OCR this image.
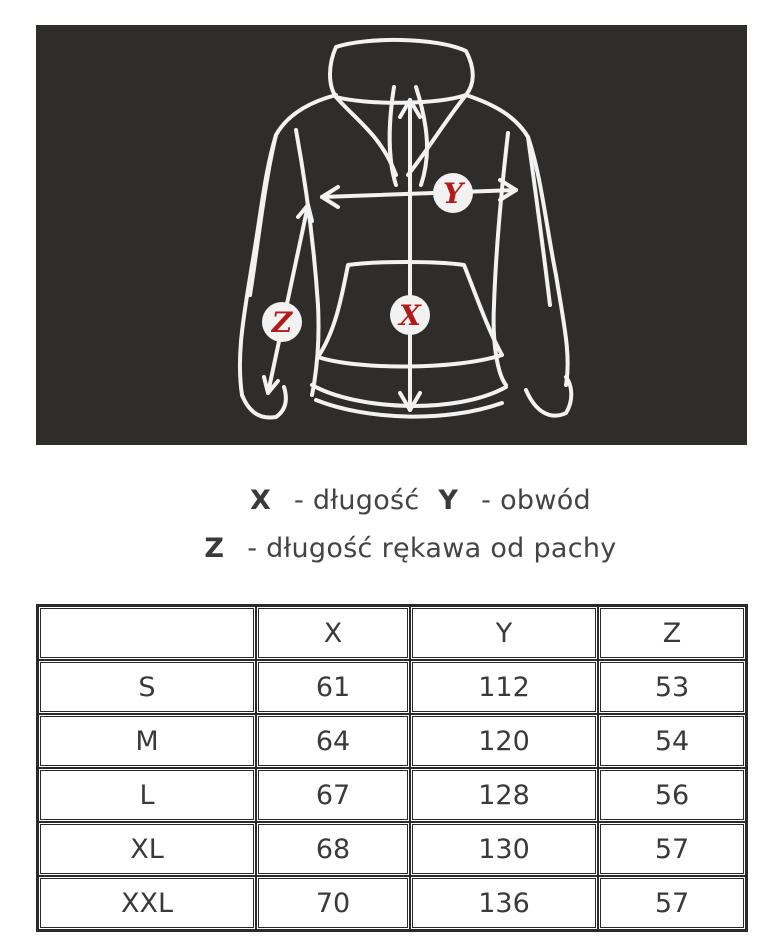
X
Y
Z
X - długość Y - obwód
Z - długość rękawa od pachy
	X	Y	Z
S	61	112	53
M	64	120	54
L	67	128	56
XL	68	130	57
XXL	70	136	57
